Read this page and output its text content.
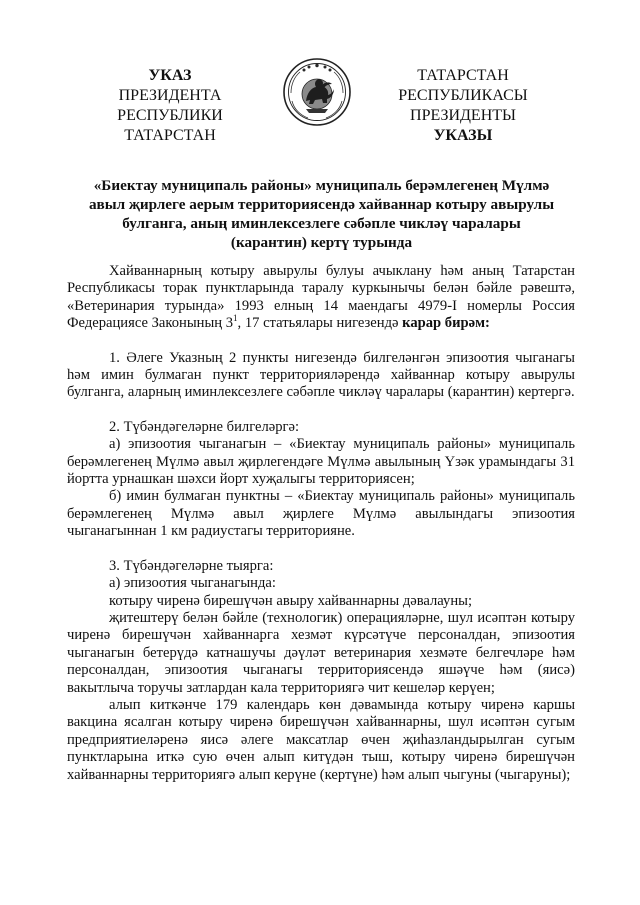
УКАЗ
ПРЕЗИДЕНТА
РЕСПУБЛИКИ ТАТАРСТАН
ТАТАРСТАН РЕСПУБЛИКАСЫ
ПРЕЗИДЕНТЫ
УКАЗЫ
«Биектау муниципаль районы» муниципаль берәмлегенең Мүлмә авыл җирлеге аерым территориясендә хайваннар котыру авырулы булганга, аның иминлексезлеге сәбәпле чикләү чаралары (карантин) кертү турында

Хайваннарның котыру авырулы булуы ачыклану һәм аның Татарстан Республикасы торак пунктларында таралу куркынычы белән бәйле рәвештә, «Ветеринария турында» 1993 елның 14 маендагы 4979-I номерлы Россия Федерациясе Законының $3^1$, 17 статьялары нигезендә карар бирәм:

1. Әлеге Указның 2 пункты нигезендә билгеләнгән эпизоотия чыганагы һәм имин булмаган пункт территорияләрендә хайваннар котыру авырулы булганга, аларның иминлексезлеге сәбәпле чикләү чаралары (карантин) кертергә.

2. Түбәндәгеләрне билгеләргә:

а) эпизоотия чыганагын – «Биектау муниципаль районы» муниципаль берәмлегенең Мүлмә авыл җирлегендәге Мүлмә авылының Үзәк урамындагы 31 йортта урнашкан шәхси йорт хуҗалыгы территориясен;

б) имин булмаган пунктны – «Биектау муниципаль районы» муниципаль берәмлегенең Мүлмә авыл җирлеге Мүлмә авылындагы эпизоотия чыганагыннан 1 км радиустагы территорияне.

3. Түбәндәгеләрне тыярга:

а) эпизоотия чыганагында:

котыру чиренә бирешүчән авыру хайваннарны дәвалауны;

җитештерү белән бәйле (технологик) операцияләрне, шул исәптән котыру чиренә бирешүчән хайваннарга хезмәт күрсәтүче персоналдан, эпизоотия чыганагын бетерүдә катнашучы дәүләт ветеринария хезмәте белгечләре һәм персоналдан, эпизоотия чыганагы территориясендә яшәүче һәм (яисә) вакытлыча торучы затлардан кала территориягә чит кешеләр керүен;

алып киткәнче 179 календарь көн дәвамында котыру чиренә каршы вакцина ясалган котыру чиренә бирешүчән хайваннарны, шул исәптән сугым предприятиеләренә яисә әлеге максатлар өчен җиһазландырылган сугым пунктларына иткә сую өчен алып китүдән тыш, котыру чиренә бирешүчән хайваннарны территориягә алып керүне (кертүне) һәм алып чыгуны (чыгаруны);
